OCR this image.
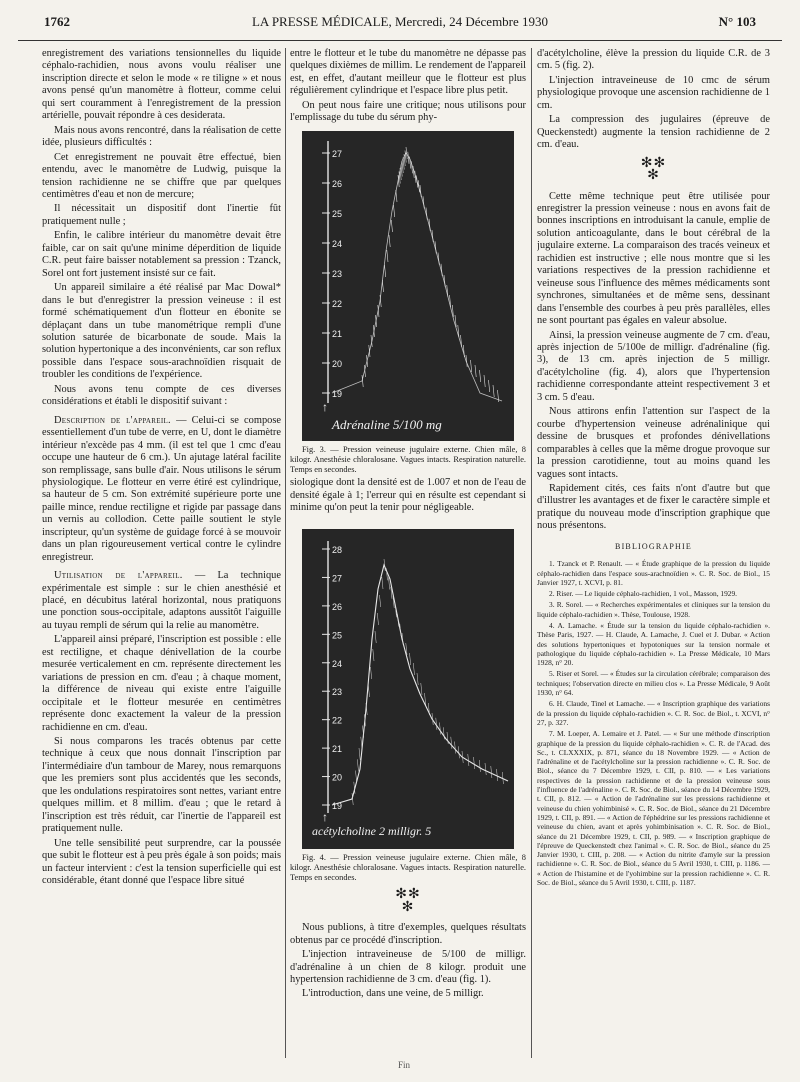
1762	LA PRESSE MÉDICALE, Mercredi, 24 Décembre 1930	N° 103

enregistrement des variations tensionnelles du liquide céphalo-rachidien, nous avons voulu réaliser une inscription directe et selon le mode « re tiligne » et nous avons pensé qu'un manomètre à flotteur, comme celui qui sert couramment à l'enregistrement de la pression artérielle, pouvait répondre à ces desiderata.

Mais nous avons rencontré, dans la réalisation de cette idée, plusieurs difficultés :

Cet enregistrement ne pouvait être effectué, bien entendu, avec le manomètre de Ludwig, puisque la tension rachidienne ne se chiffre que par quelques centimètres d'eau et non de mercure;

Il nécessitait un dispositif dont l'inertie fût pratiquement nulle ;

Enfin, le calibre intérieur du manomètre devait être faible, car on sait qu'une minime déperdition de liquide C.R. peut faire baisser notablement sa pression : Tzanck, Sorel ont fort justement insisté sur ce fait.

Un appareil similaire a été réalisé par Mac Dowal* dans le but d'enregistrer la pression veineuse : il est formé schématiquement d'un flotteur en ébonite se déplaçant dans un tube manométrique rempli d'une solution saturée de bicarbonate de soude. Mais la solution hypertonique a des inconvénients, car son reflux possible dans l'espace sous-arachnoïdien risquait de troubler les conditions de l'expérience.

Nous avons tenu compte de ces diverses considérations et établi le dispositif suivant :

Description de l'appareil. — Celui-ci se compose essentiellement d'un tube de verre, en U, dont le diamètre intérieur n'excède pas 4 mm. (il est tel que 1 cmc d'eau occupe une hauteur de 6 cm.). Un ajutage latéral facilite son remplissage, sans bulle d'air. Nous utilisons le sérum physiologique. Le flotteur en verre étiré est cylindrique, sa hauteur de 5 cm. Son extrémité supérieure porte une paille mince, rendue rectiligne et rigide par passage dans un vernis au collodion. Cette paille soutient le style inscripteur, qu'un système de guidage forcé à se mouvoir dans un plan rigoureusement vertical contre le cylindre enregistreur.

Utilisation de l'appareil. — La technique expérimentale est simple : sur le chien anesthésié et placé, en décubitus latéral horizontal, nous pratiquons une ponction sous-occipitale, adaptons aussitôt l'aiguille au tuyau rempli de sérum qui la relie au manomètre.

L'appareil ainsi préparé, l'inscription est possible : elle est rectiligne, et chaque dénivellation de la courbe mesurée verticalement en cm. représente directement les variations de pression en cm. d'eau ; à chaque moment, la différence de niveau qui existe entre l'aiguille occipitale et le flotteur mesurée en centimètres représente donc exactement la valeur de la pression rachidienne en cm. d'eau.

Si nous comparons les tracés obtenus par cette technique à ceux que nous donnait l'inscription par l'intermédiaire d'un tambour de Marey, nous remarquons que les premiers sont plus accidentés que les seconds, que les ondulations respiratoires sont nettes, variant entre quelques millim. et 8 millim. d'eau ; que le retard à l'inscription est très réduit, car l'inertie de l'appareil est pratiquement nulle.

Une telle sensibilité peut surprendre, car la poussée que subit le flotteur est à peu près égale à son poids; mais un facteur intervient : c'est la tension superficielle qui est considérable, étant donné que l'espace libre situé

entre le flotteur et le tube du manomètre ne dépasse pas quelques dixièmes de millim. Le rendement de l'appareil est, en effet, d'autant meilleur que le flotteur est plus régulièrement cylindrique et l'espace libre plus petit.

On peut nous faire une critique; nous utilisons pour l'emplissage du tube du sérum phy-

27
26
25
24
23
22
21
20
19
Adrénaline 5/100 mg
↑

Fig. 3. — Pression veineuse jugulaire externe. Chien mâle, 8 kilogr. Anesthésie chloralosane. Vagues intacts. Respiration naturelle. Temps en secondes.

siologique dont la densité est de 1.007 et non de l'eau de densité égale à 1; l'erreur qui en résulte est cependant si minime qu'on peut la tenir pour négligeable.

28
27
26
25
24
23
22
21
20
19
acétylcholine 2 milligr. 5
↑

Fig. 4. — Pression veineuse jugulaire externe. Chien mâle, 8 kilogr. Anesthésie chloralosane. Vagues intacts. Respiration naturelle. Temps en secondes.

✻✻
✻

Nous publions, à titre d'exemples, quelques résultats obtenus par ce procédé d'inscription.

L'injection intraveineuse de 5/100 de milligr. d'adrénaline à un chien de 8 kilogr. produit une hypertension rachidienne de 3 cm. d'eau (fig. 1).

L'introduction, dans une veine, de 5 milligr.

d'acétylcholine, élève la pression du liquide C.R. de 3 cm. 5 (fig. 2).

L'injection intraveineuse de 10 cmc de sérum physiologique provoque une ascension rachidienne de 1 cm.

La compression des jugulaires (épreuve de Queckenstedt) augmente la tension rachidienne de 2 cm. d'eau.

✻✻
✻

Cette même technique peut être utilisée pour enregistrer la pression veineuse : nous en avons fait de bonnes inscriptions en introduisant la canule, emplie de solution anticoagulante, dans le bout cérébral de la jugulaire externe. La comparaison des tracés veineux et rachidien est instructive ; elle nous montre que si les variations respectives de la pression rachidienne et veineuse sous l'influence des mêmes médicaments sont synchrones, simultanées et de même sens, dessinant dans l'ensemble des courbes à peu près parallèles, elles ne sont pourtant pas égales en valeur absolue.

Ainsi, la pression veineuse augmente de 7 cm. d'eau, après injection de 5/100e de milligr. d'adrénaline (fig. 3), de 13 cm. après injection de 5 milligr. d'acétylcholine (fig. 4), alors que l'hypertension rachidienne correspondante atteint respectivement 3 et 3 cm. 5 d'eau.

Nous attirons enfin l'attention sur l'aspect de la courbe d'hypertension veineuse adrénalinique qui dessine de brusques et profondes dénivellations comparables à celles que la même drogue provoque sur la pression carotidienne, tout au moins quand les vagues sont intacts.

Rapidement cités, ces faits n'ont d'autre but que d'illustrer les avantages et de fixer le caractère simple et pratique du nouveau mode d'inscription graphique que nous présentons.

BIBLIOGRAPHIE

1. Tzanck et P. Renault. — « Étude graphique de la pression du liquide céphalo-rachidien dans l'espace sous-arachnoïdien ». C. R. Soc. de Biol., 15 Janvier 1927, t. XCVI, p. 81.

2. Riser. — Le liquide céphalo-rachidien, 1 vol., Masson, 1929.

3. R. Sorel. — « Recherches expérimentales et cliniques sur la tension du liquide céphalo-rachidien ». Thèse, Toulouse, 1928.

4. A. Lamache. « Étude sur la tension du liquide céphalo-rachidien ». Thèse Paris, 1927. — H. Claude, A. Lamache, J. Cuel et J. Dubar. « Action des solutions hypertoniques et hypotoniques sur la tension normale et pathologique du liquide céphalo-rachidien ». La Presse Médicale, 10 Mars 1928, n° 20.

5. Riser et Sorel. — « Études sur la circulation cérébrale; comparaison des techniques; l'observation directe en milieu clos ». La Presse Médicale, 9 Août 1930, n° 64.

6. H. Claude, Tinel et Lamache. — « Inscription graphique des variations de la pression du liquide céphalo-rachidien ». C. R. Soc. de Biol., t. XCVI, n° 27, p. 327.

7. M. Loeper, A. Lemaire et J. Patel. — « Sur une méthode d'inscription graphique de la pression du liquide céphalo-rachidien ». C. R. de l'Acad. des Sc., t. CLXXXIX, p. 871, séance du 18 Novembre 1929. — « Action de l'adrénaline et de l'acétylcholine sur la pression rachidienne ». C. R. Soc. de Biol., séance du 7 Décembre 1929, t. CII, p. 810. — « Les variations respectives de la pression rachidienne et de la pression veineuse sous l'influence de l'adrénaline ». C. R. Soc. de Biol., séance du 14 Décembre 1929, t. CII, p. 812. — « Action de l'adrénaline sur les pressions rachidienne et veineuse du chien yohimbinisé ». C. R. Soc. de Biol., séance du 21 Décembre 1929, t. CII, p. 891. — « Action de l'éphédrine sur les pressions rachidienne et veineuse du chien, avant et après yohimbinisation ». C. R. Soc. de Biol., séance du 21 Décembre 1929, t. CII, p. 989. — « Inscription graphique de l'épreuve de Queckenstedt chez l'animal ». C. R. Soc. de Biol., séance du 25 Janvier 1930, t. CIII, p. 208. — « Action du nitrite d'amyle sur la pression rachidienne ». C. R. Soc. de Biol., séance du 5 Avril 1930, t. CIII, p. 1186. — « Action de l'histamine et de l'yohimbine sur la pression rachidienne ». C. R. Soc. de Biol., séance du 5 Avril 1930, t. CIII, p. 1187.

Fin
